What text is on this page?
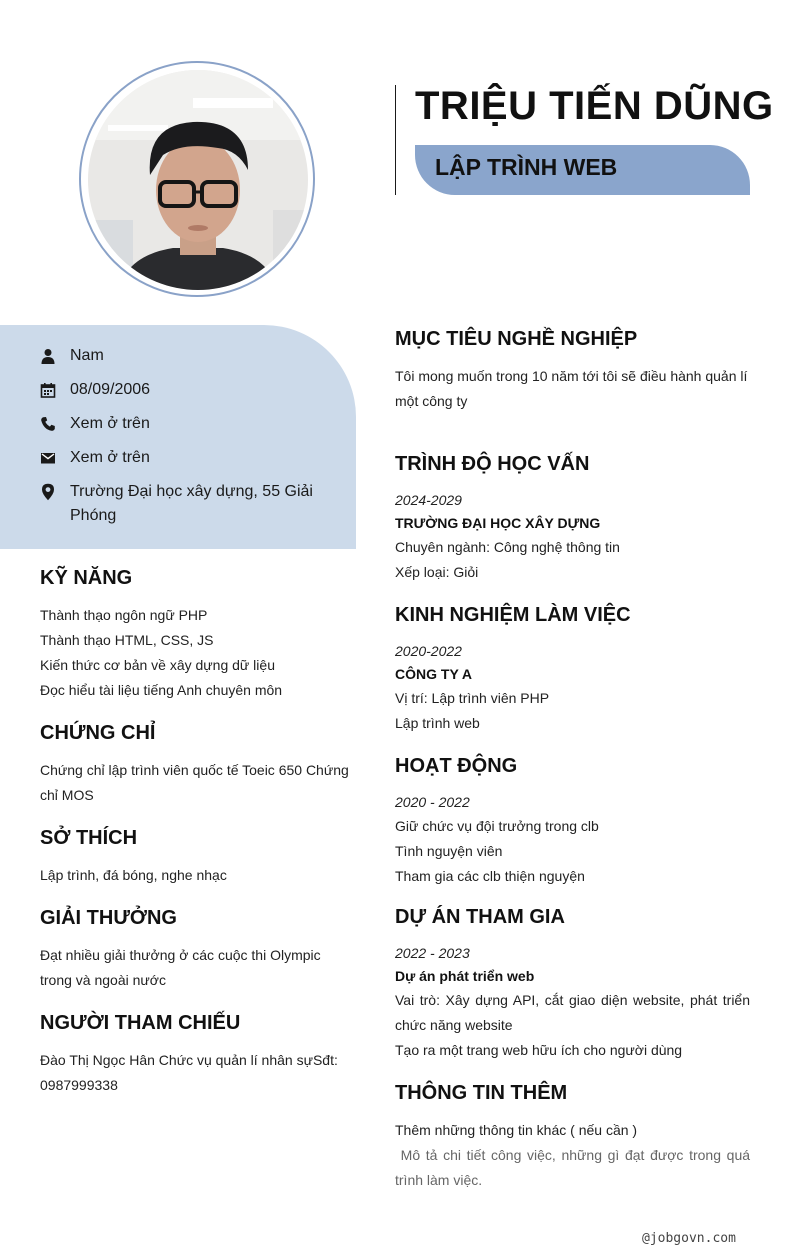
TRIỆU TIẾN DŨNG
LẬP TRÌNH WEB
Nam
08/09/2006
Xem ở trên
Xem ở trên
Trường Đại học xây dựng, 55 Giải Phóng
KỸ NĂNG
Thành thạo ngôn ngữ PHP
Thành thạo HTML, CSS, JS
Kiến thức cơ bản về xây dựng dữ liệu
Đọc hiểu tài liệu tiếng Anh chuyên môn
CHỨNG CHỈ
Chứng chỉ lập trình viên quốc tế Toeic 650 Chứng chỉ MOS
SỞ THÍCH
Lập trình, đá bóng, nghe nhạc
GIẢI THƯỞNG
Đạt nhiều giải thưởng ở các cuộc thi Olympic trong và ngoài nước
NGƯỜI THAM CHIẾU
Đào Thị Ngọc Hân Chức vụ quản lí nhân sựSđt: 0987999338
MỤC TIÊU NGHỀ NGHIỆP
Tôi mong muốn trong 10 năm tới tôi sẽ điều hành quản lí một công ty
TRÌNH ĐỘ HỌC VẤN
2024-2029
TRƯỜNG ĐẠI HỌC XÂY DỰNG
Chuyên ngành: Công nghệ thông tin
Xếp loại: Giỏi
KINH NGHIỆM LÀM VIỆC
2020-2022
CÔNG TY A
Vị trí: Lập trình viên PHP
Lập trình web
HOẠT ĐỘNG
2020 - 2022
Giữ chức vụ đội trưởng trong clb
Tình nguyện viên
Tham gia các clb thiện nguyện
DỰ ÁN THAM GIA
2022 - 2023
Dự án phát triển web
Vai trò: Xây dựng API, cắt giao diện website, phát triển chức năng website
Tạo ra một trang web hữu ích cho người dùng
THÔNG TIN THÊM
Thêm những thông tin khác ( nếu cần )
Mô tả chi tiết công việc, những gì đạt được trong quá trình làm việc.
@jobgovn.com
